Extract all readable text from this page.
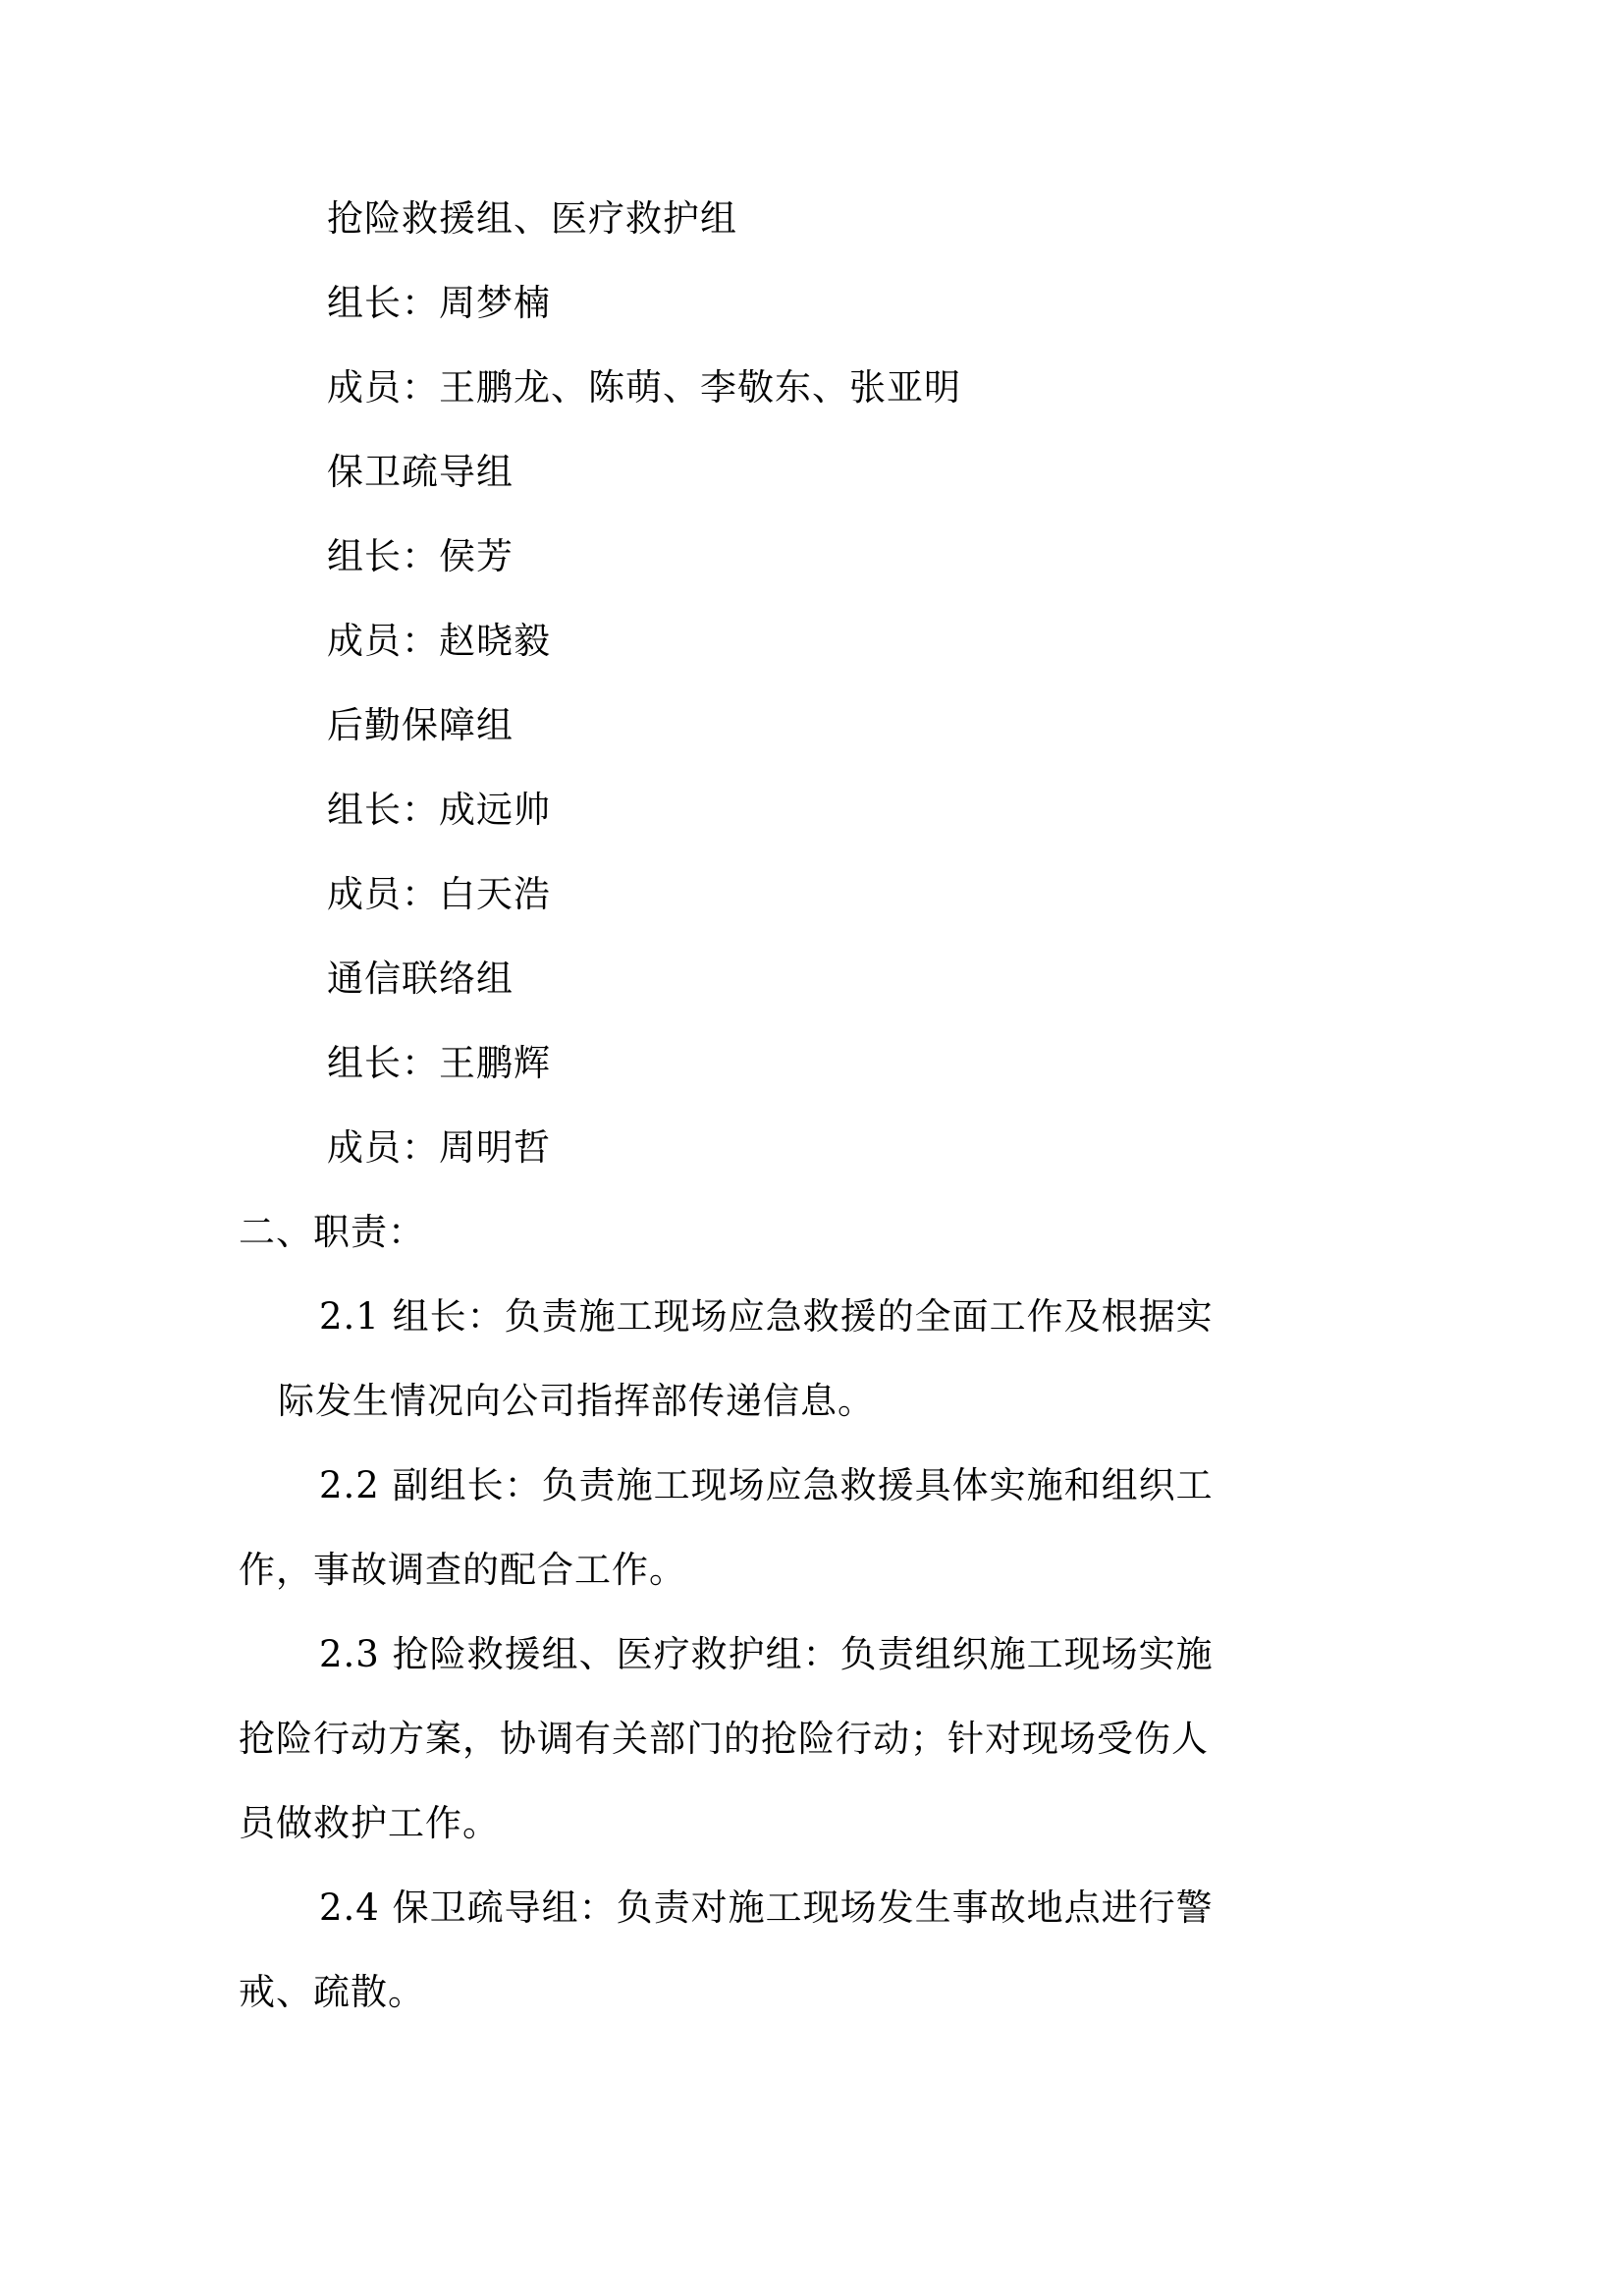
抢险救援组、医疗救护组
组长：周梦楠
成员：王鹏龙、陈萌、李敬东、张亚明
保卫疏导组
组长：侯芳
成员：赵晓毅
后勤保障组
组长：成远帅
成员：白天浩
通信联络组
组长：王鹏辉
成员：周明哲
二、职责：
2.1 组长：负责施工现场应急救援的全面工作及根据实
际发生情况向公司指挥部传递信息。
2.2 副组长：负责施工现场应急救援具体实施和组织工
作，事故调查的配合工作。
2.3 抢险救援组、医疗救护组：负责组织施工现场实施
抢险行动方案，协调有关部门的抢险行动；针对现场受伤人
员做救护工作。
2.4 保卫疏导组：负责对施工现场发生事故地点进行警
戒、疏散。
